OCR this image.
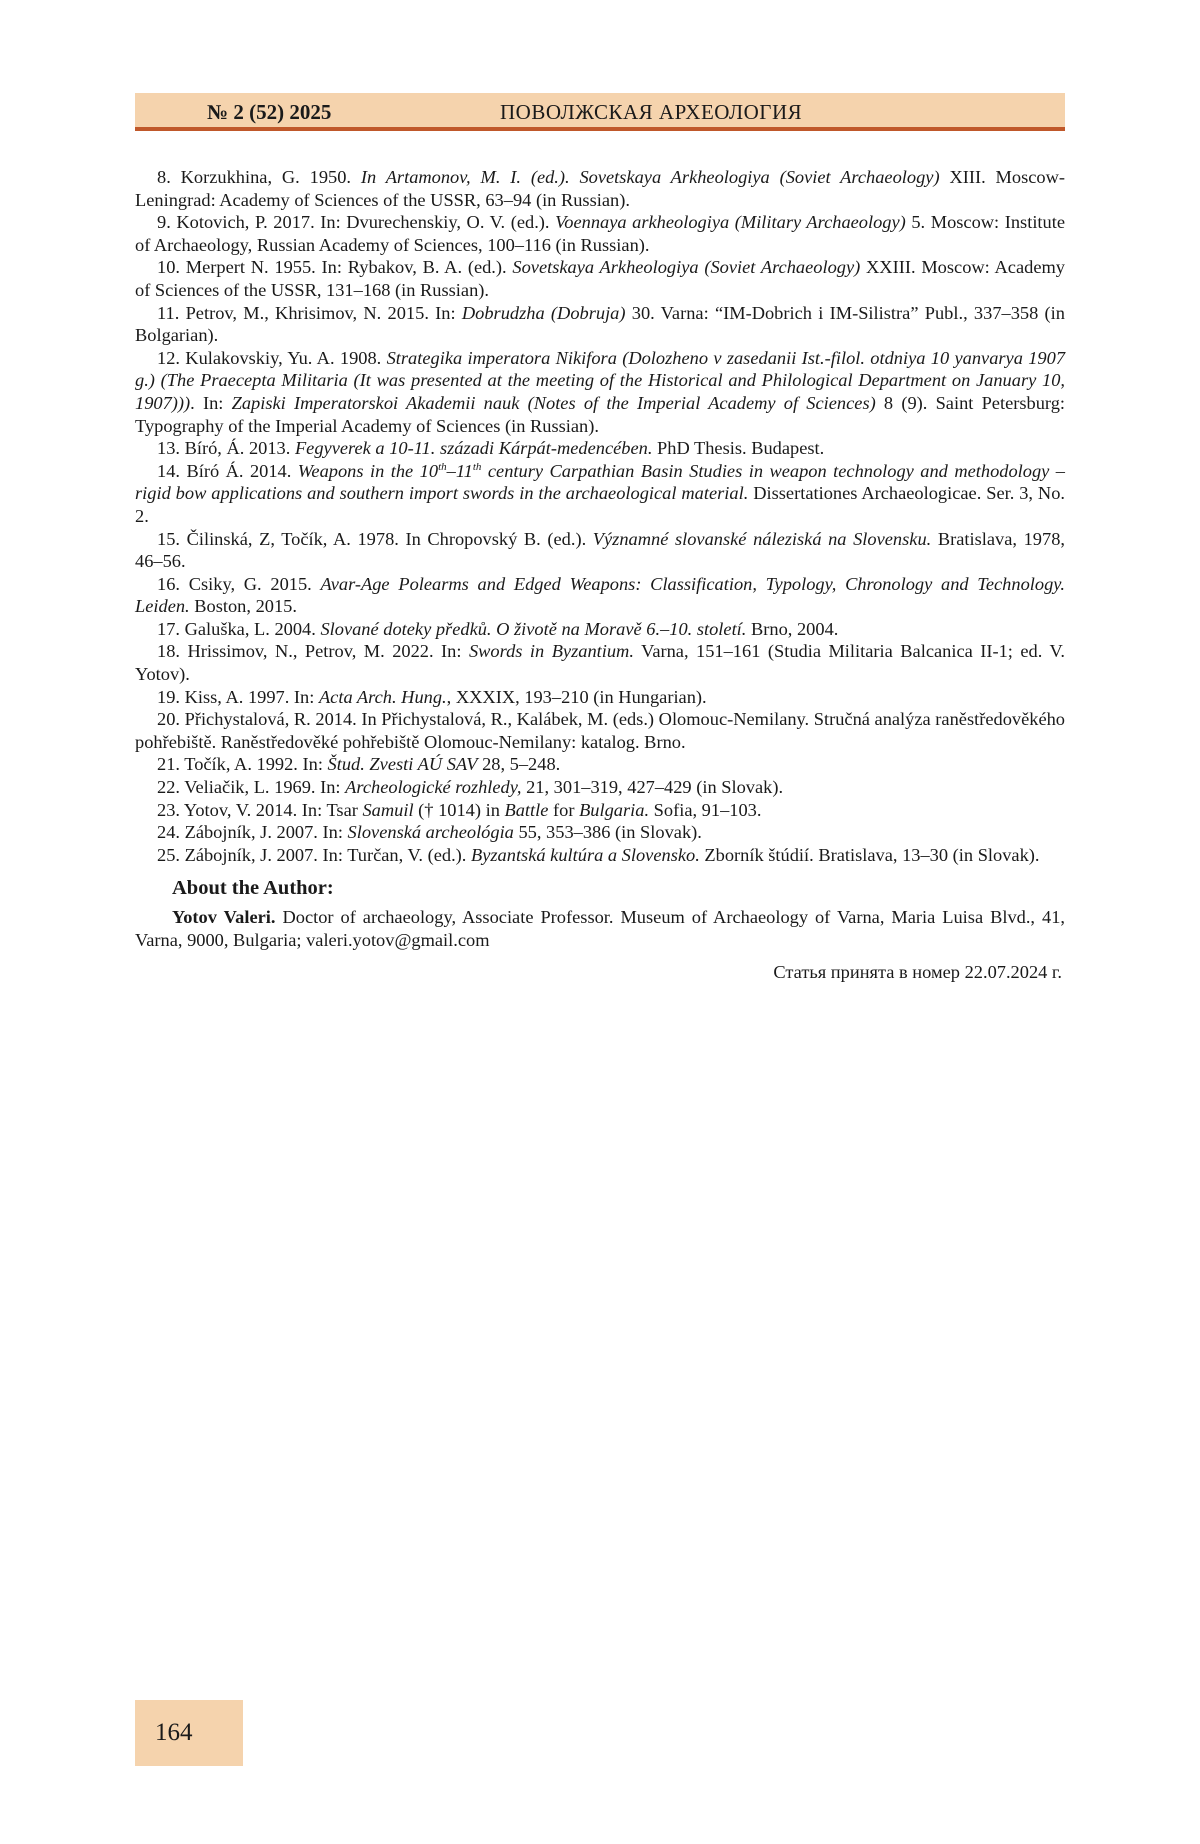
№ 2 (52) 2025	ПОВОЛЖСКАЯ АРХЕОЛОГИЯ
8. Korzukhina, G. 1950. In Artamonov, M. I. (ed.). Sovetskaya Arkheologiya (Soviet Archaeology) XIII. Moscow-Leningrad: Academy of Sciences of the USSR, 63–94 (in Russian).
9. Kotovich, P. 2017. In: Dvurechenskiy, O. V. (ed.). Voennaya arkheologiya (Military Archaeology) 5. Moscow: Institute of Archaeology, Russian Academy of Sciences, 100–116 (in Russian).
10. Merpert N. 1955. In: Rybakov, B. A. (ed.). Sovetskaya Arkheologiya (Soviet Archaeology) XXIII. Moscow: Academy of Sciences of the USSR, 131–168 (in Russian).
11. Petrov, M., Khrisimov, N. 2015. In: Dobrudzha (Dobruja) 30. Varna: “IM-Dobrich i IM-Silistra” Publ., 337–358 (in Bolgarian).
12. Kulakovskiy, Yu. A. 1908. Strategika imperatora Nikifora (Dolozheno v zasedanii Ist.-filol. otdniya 10 yanvarya 1907 g.) (The Praecepta Militaria (It was presented at the meeting of the Historical and Philological Department on January 10, 1907))). In: Zapiski Imperatorskoi Akademii nauk (Notes of the Imperial Academy of Sciences) 8 (9). Saint Petersburg: Typography of the Imperial Academy of Sciences (in Russian).
13. Bíró, Á. 2013. Fegyverek a 10-11. századi Kárpát-medencében. PhD Thesis. Budapest.
14. Bíró Á. 2014. Weapons in the 10th–11th century Carpathian Basin Studies in weapon technology and methodology – rigid bow applications and southern import swords in the archaeological material. Dissertationes Archaeologicae. Ser. 3, No. 2.
15. Čilinská, Z, Točík, A. 1978. In Chropovský B. (ed.). Významné slovanské náleziská na Slovensku. Bratislava, 1978, 46–56.
16. Csiky, G. 2015. Avar-Age Polearms and Edged Weapons: Classification, Typology, Chronology and Technology. Leiden. Boston, 2015.
17. Galuška, L. 2004. Slované doteky předků. O životě na Moravě 6.–10. století. Brno, 2004.
18. Hrissimov, N., Petrov, M. 2022. In: Swords in Byzantium. Varna, 151–161 (Studia Militaria Balcanica II-1; ed. V. Yotov).
19. Kiss, A. 1997. In: Acta Arch. Hung., XXXIX, 193–210 (in Hungarian).
20. Přichystalová, R. 2014. In Přichystalová, R., Kalábek, M. (eds.) Olomouc-Nemilany. Stručná analýza raněstředověkého pohřebiště. Raněstředověké pohřebiště Olomouc-Nemilany: katalog. Brno.
21. Točík, A. 1992. In: Štud. Zvesti AÚ SAV 28, 5–248.
22. Veliačik, L. 1969. In: Archeologické rozhledy, 21, 301–319, 427–429 (in Slovak).
23. Yotov, V. 2014. In: Tsar Samuil († 1014) in Battle for Bulgaria. Sofia, 91–103.
24. Zábojník, J. 2007. In: Slovenská archeológia 55, 353–386 (in Slovak).
25. Zábojník, J. 2007. In: Turčan, V. (ed.). Byzantská kultúra a Slovensko. Zborník štúdií. Bratislava, 13–30 (in Slovak).
About the Author:
Yotov Valeri. Doctor of archaeology, Associate Professor. Museum of Archaeology of Varna, Maria Luisa Blvd., 41, Varna, 9000, Bulgaria; valeri.yotov@gmail.com
Статья принята в номер 22.07.2024 г.
164
